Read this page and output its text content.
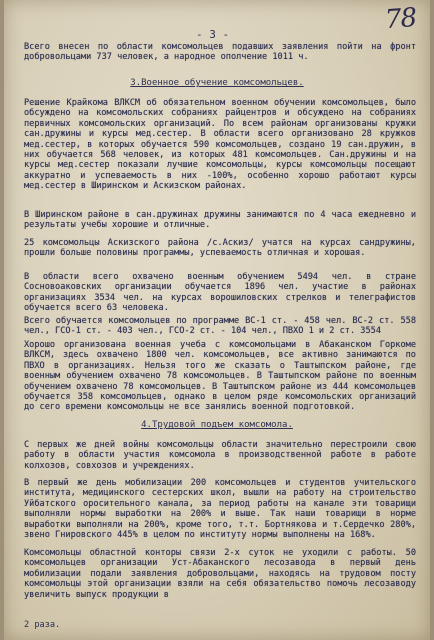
78
- 3 -
Всего внесен по области комсомольцев подавших заявления пойти на фронт добровольцами 737 человек, а народное ополчение 1011 ч.
3.Военное обучение комсомольцев.
Решение Крайкома ВЛКСМ об обязательном военном обучении комсомольцев, было обсуждено на комсомольских собраниях райцентров и обсуждено на собраниях первичных комсомольских организаций. По всем районам организованы кружки сан.дружины и курсы мед.сестер. В области всего организовано 28 кружков мед.сестер, в которых обучается 590 комсомольцев, создано 19 сан.дружин, в них обучается 568 человек, из которых 481 комсомольцев. Сан.дружины и на курсы мед.сестер показали лучшие комсомольцы, курсы комсомольцы посещают аккуратно и успеваемость в них -100%, особенно хорошо работают курсы мед.сестер в Ширинском и Аскизском районах.
В Ширинском районе в сан.дружинах дружины занимаются по 4 часа ежедневно и результаты учебы хорошие и отличные.
25 комсомольцы Аскизского района /с.Аскиз/ учатся на курсах сандружины, прошли больше половины программы, успеваемость отличная и хорошая.
В области всего охвачено военным обучением 5494 чел. в стране Сосновоаковских организации обучается 1896 чел. участие в районах организациях 3534 чел. на курсах ворошиловских стрелков и телеграфистов обучается всего 63 человека.
Всего обучается комсомольцев по программе ВС-1 ст. - 458 чел. ВС-2 ст. 558 чел., ГСО-1 ст. - 403 чел., ГСО-2 ст. - 104 чел., ПВХО 1 и 2 ст. 3554
Хорошо организована военная учеба с комсомольцами в Абаканском Горкоме ВЛКСМ, здесь охвачено 1800 чел. комсомольцев, все активно занимаются по ПВХО в организациях. Нельзя того же сказать о Таштыпском районе, где военным обучением охвачено 78 комсомольцев. В Таштыпском районе по военным обучением охвачено 78 комсомольцев. В Таштыпском районе из 444 комсомольцев обучается 358 комсомольцев, однако в целом ряде комсомольских организаций до сего времени комсомольцы не все занялись военной подготовкой.
4.Трудовой подъем комсомола.
С первых же дней войны комсомольцы области значительно перестроили свою работу в области участия комсомола в производственной работе в работе колхозов, совхозов и учреждениях.
В первый же день мобилизации 200 комсомольцев и студентов учительского института, медицинского сестерских школ, вышли на работу на строительство Уйбатского оросительного канала, за период работы на канале эти товарищи выполняли нормы выработки на 200% и выше. Так наши товарищи в норме выработки выполняли на 200%, кроме того, т.т. Бортнякова и т.Сердечко 280%, звено Гнировского 445% в целом по институту нормы выполнены на 168%.
Комсомольцы областной конторы связи 2-х суток не уходили с работы. 50 комсомольцев организации Уст-Абаканского лесозавода в первый день мобилизации подали заявления добровольцами, находясь на трудовом посту комсомольцы этой организации взяли на себя обязательство помочь лесозаводу увеличить выпуск продукции в
2 раза.
